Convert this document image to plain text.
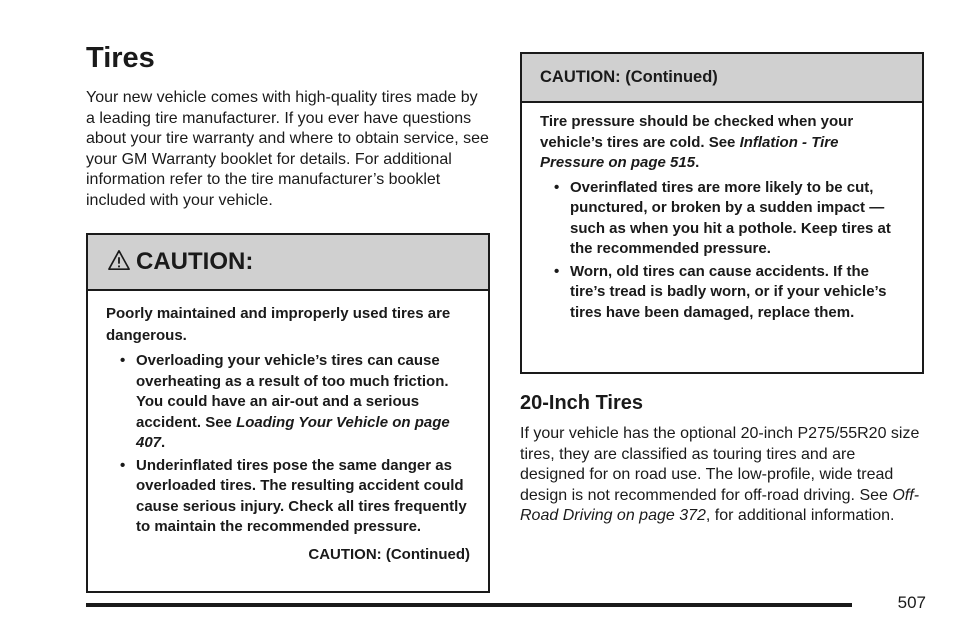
Tires

Your new vehicle comes with high-quality tires made by a leading tire manufacturer. If you ever have questions about your tire warranty and where to obtain service, see your GM Warranty booklet for details. For additional information refer to the tire manufacturer’s booklet included with your vehicle.

CAUTION:

Poorly maintained and improperly used tires are dangerous.

• Overloading your vehicle’s tires can cause overheating as a result of too much friction. You could have an air-out and a serious accident. See Loading Your Vehicle on page 407.
• Underinflated tires pose the same danger as overloaded tires. The resulting accident could cause serious injury. Check all tires frequently to maintain the recommended pressure.
CAUTION: (Continued)
CAUTION: (Continued)

Tire pressure should be checked when your vehicle’s tires are cold. See Inflation - Tire Pressure on page 515.

• Overinflated tires are more likely to be cut, punctured, or broken by a sudden impact — such as when you hit a pothole. Keep tires at the recommended pressure.
• Worn, old tires can cause accidents. If the tire’s tread is badly worn, or if your vehicle’s tires have been damaged, replace them.
20-Inch Tires

If your vehicle has the optional 20-inch P275/55R20 size tires, they are classified as touring tires and are designed for on road use. The low-profile, wide tread design is not recommended for off-road driving. See Off-Road Driving on page 372, for additional information.

507
